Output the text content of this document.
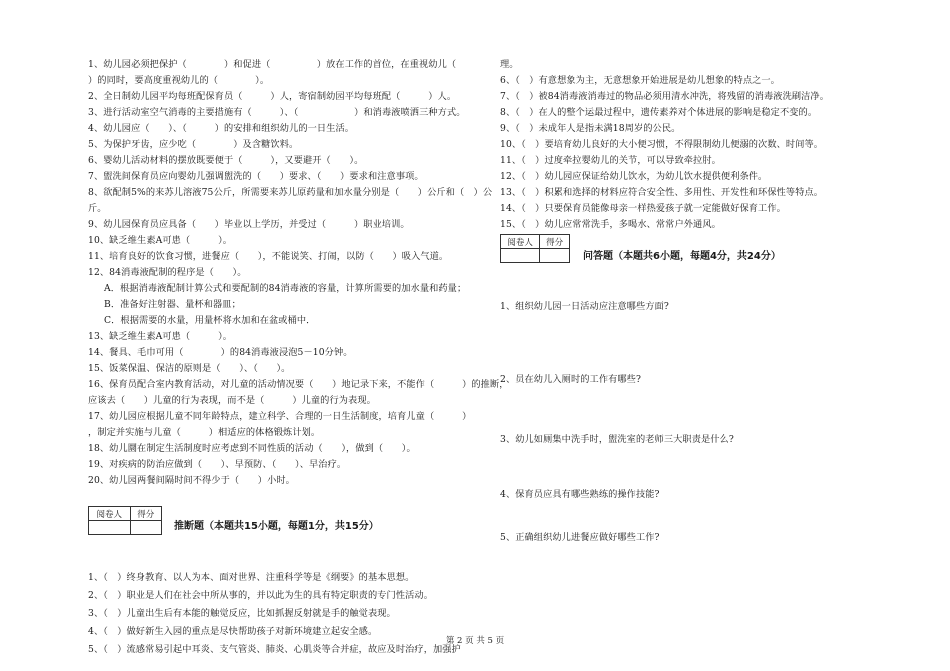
1、幼儿园必须把保护（　　　　）和促进（　　　　　）放在工作的首位，在重视幼儿（
）的同时，要高度重视幼儿的（　　　　）。
2、全日制幼儿园平均每班配保育员（　　　）人，寄宿制幼园平均每班配（　　　）人。
3、进行活动室空气消毒的主要措施有（　　　）、（　　　　　　）和消毒液喷洒三种方式。
4、幼儿园应（　　）、（　　　）的安排和组织幼儿的一日生活。
5、为保护牙齿，应少吃（　　　　）及含糖饮料。
6、婴幼儿活动材料的摆放既要便于（　　　），又要避开（　　）。
7、盥洗间保育员应向婴幼儿强调盥洗的（　　）要求、（　　）要求和注意事项。
8、欲配制5%的来苏儿溶液75公斤，所需要来苏儿原药量和加水量分别是（　　）公斤和（　）公
斤。
9、幼儿园保育员应具备（　　）毕业以上学历，并受过（　　　）职业培训。
10、缺乏维生素A可患（　　　）。
11、培育良好的饮食习惯，进餐应（　　），不能说笑、打闹，以防（　　）吸入气道。
12、84消毒液配制的程序是（　　）。
A．根据消毒液配制计算公式和要配制的84消毒液的容量，计算所需要的加水量和药量；
B．准备好注射器、量杯和器皿；
C．根据需要的水量，用量杯将水加和在盆或桶中．
13、缺乏维生素A可患（　　　）。
14、餐具、毛巾可用（　　　　）的84消毒液浸泡5－10分钟。
15、饭菜保温、保洁的原则是（　　）、（　　）。
16、保育员配合室内教育活动，对儿童的活动情况要（　　）地记录下来，不能作（　　　）的推断，
应该去（　　）儿童的行为表现，而不是（　　　）儿童的行为表现。
17、幼儿园应根据儿童不同年龄特点，建立科学、合理的一日生活制度，培育儿童（　　　）
，制定并实施与儿童（　　　）相适应的体格锻炼计划。
18、幼儿圜在制定生活制度时应考虑到不同性质的活动（　　），做到（　　）。
19、对疾病的防治应做到（　　）、早预防、（　　）、早治疗。
20、幼儿园两餐间隔时间不得少于（　　）小时。
1、（　）终身教育、以人为本、面对世界、注重科学等是《纲要》的基本思想。
2、（　）职业是人们在社会中所从事的，并以此为生的具有特定职责的专门性活动。
3、（　）儿童出生后有本能的触觉反应，比如抓握反射就是手的触觉表现。
4、（　）做好新生入园的重点是尽快帮助孩子对新环境建立起安全感。
5、（　）流感常易引起中耳炎、支气管炎、肺炎、心肌炎等合并症，故应及时治疗，加强护
阅卷人	得分

推断题（本题共15小题，每题1分，共15分）
理。
6、（　）有意想象为主，无意想象开始进展是幼儿想象的特点之一。
7、（　）被84消毒液消毒过的物品必须用清水冲洗，将残留的消毒液洗刷洁净。
8、（　）在人的整个运最过程中，遗传素养对个体进展的影响是稳定不变的。
9、（　）未成年人是指未满18周岁的公民。
10、（　）要培育幼儿良好的大小便习惯，不得限制幼儿便溺的次数、时间等。
11、（　）过度牵拉婴幼儿的关节，可以导致牵拉肘。
12、（　）幼儿园应保证给幼儿饮水，为幼儿饮水提供便利条件。
13、（　）积累和选择的材料应符合安全性、多用性、开发性和环保性等特点。
14、（　）只要保育员能像母亲一样热爱孩子就一定能做好保育工作。
15、（　）幼儿应常常洗手，多喝水、常常户外通风。
1、组织幼儿园一日活动应注意哪些方面?
2、员在幼儿入厕时的工作有哪些?
3、幼儿如厕集中洗手时，盥洗室的老师三大职责是什么?
4、保育员应具有哪些熟练的操作技能?
5、正确组织幼儿进餐应做好哪些工作?
阅卷人	得分

问答题（本题共6小题，每题4分，共24分）
第 2 页 共 5 页
